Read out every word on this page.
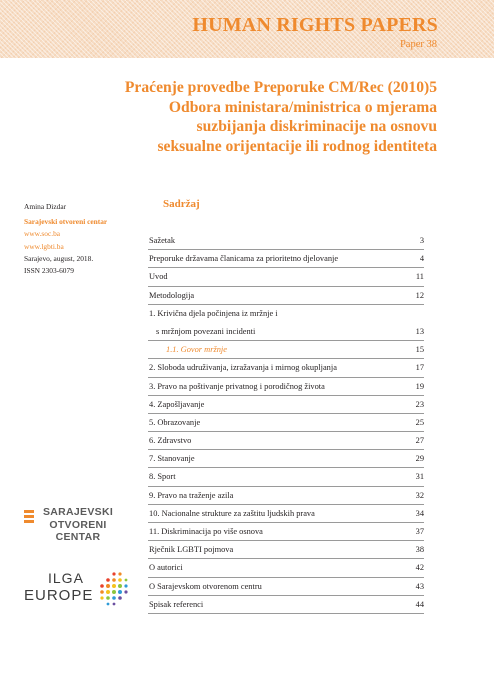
HUMAN RIGHTS PAPERS
Paper 38
Praćenje provedbe Preporuke CM/Rec (2010)5
Odbora ministara/ministrica o mjerama
suzbijanja diskriminacije na osnovu
seksualne orijentacije ili rodnog identiteta
Amina Dizdar
Sarajevski otvoreni centar
www.soc.ba
www.lgbti.ba
Sarajevo, august, 2018.
ISSN 2303-6079
Sadržaj
Sažetak	3
Preporuke državama članicama za prioritetno djelovanje	4
Uvod	11
Metodologija	12
1. Krivična djela počinjena iz mržnje i
s mržnjom povezani incidenti	13
1.1. Govor mržnje	15
2. Sloboda udruživanja, izražavanja i mirnog okupljanja	17
3. Pravo na poštivanje privatnog i porodičnog života	19
4. Zapošljavanje	23
5. Obrazovanje	25
6. Zdravstvo	27
7. Stanovanje	29
8. Sport	31
9. Pravo na traženje azila	32
10. Nacionalne strukture za zaštitu ljudskih prava	34
11. Diskriminacija po više osnova	37
Rječnik LGBTI pojmova	38
O autorici	42
O Sarajevskom otvorenom centru	43
Spisak referenci	44
SARAJEVSKI
OTVORENI
CENTAR
ILGA
EUROPE
